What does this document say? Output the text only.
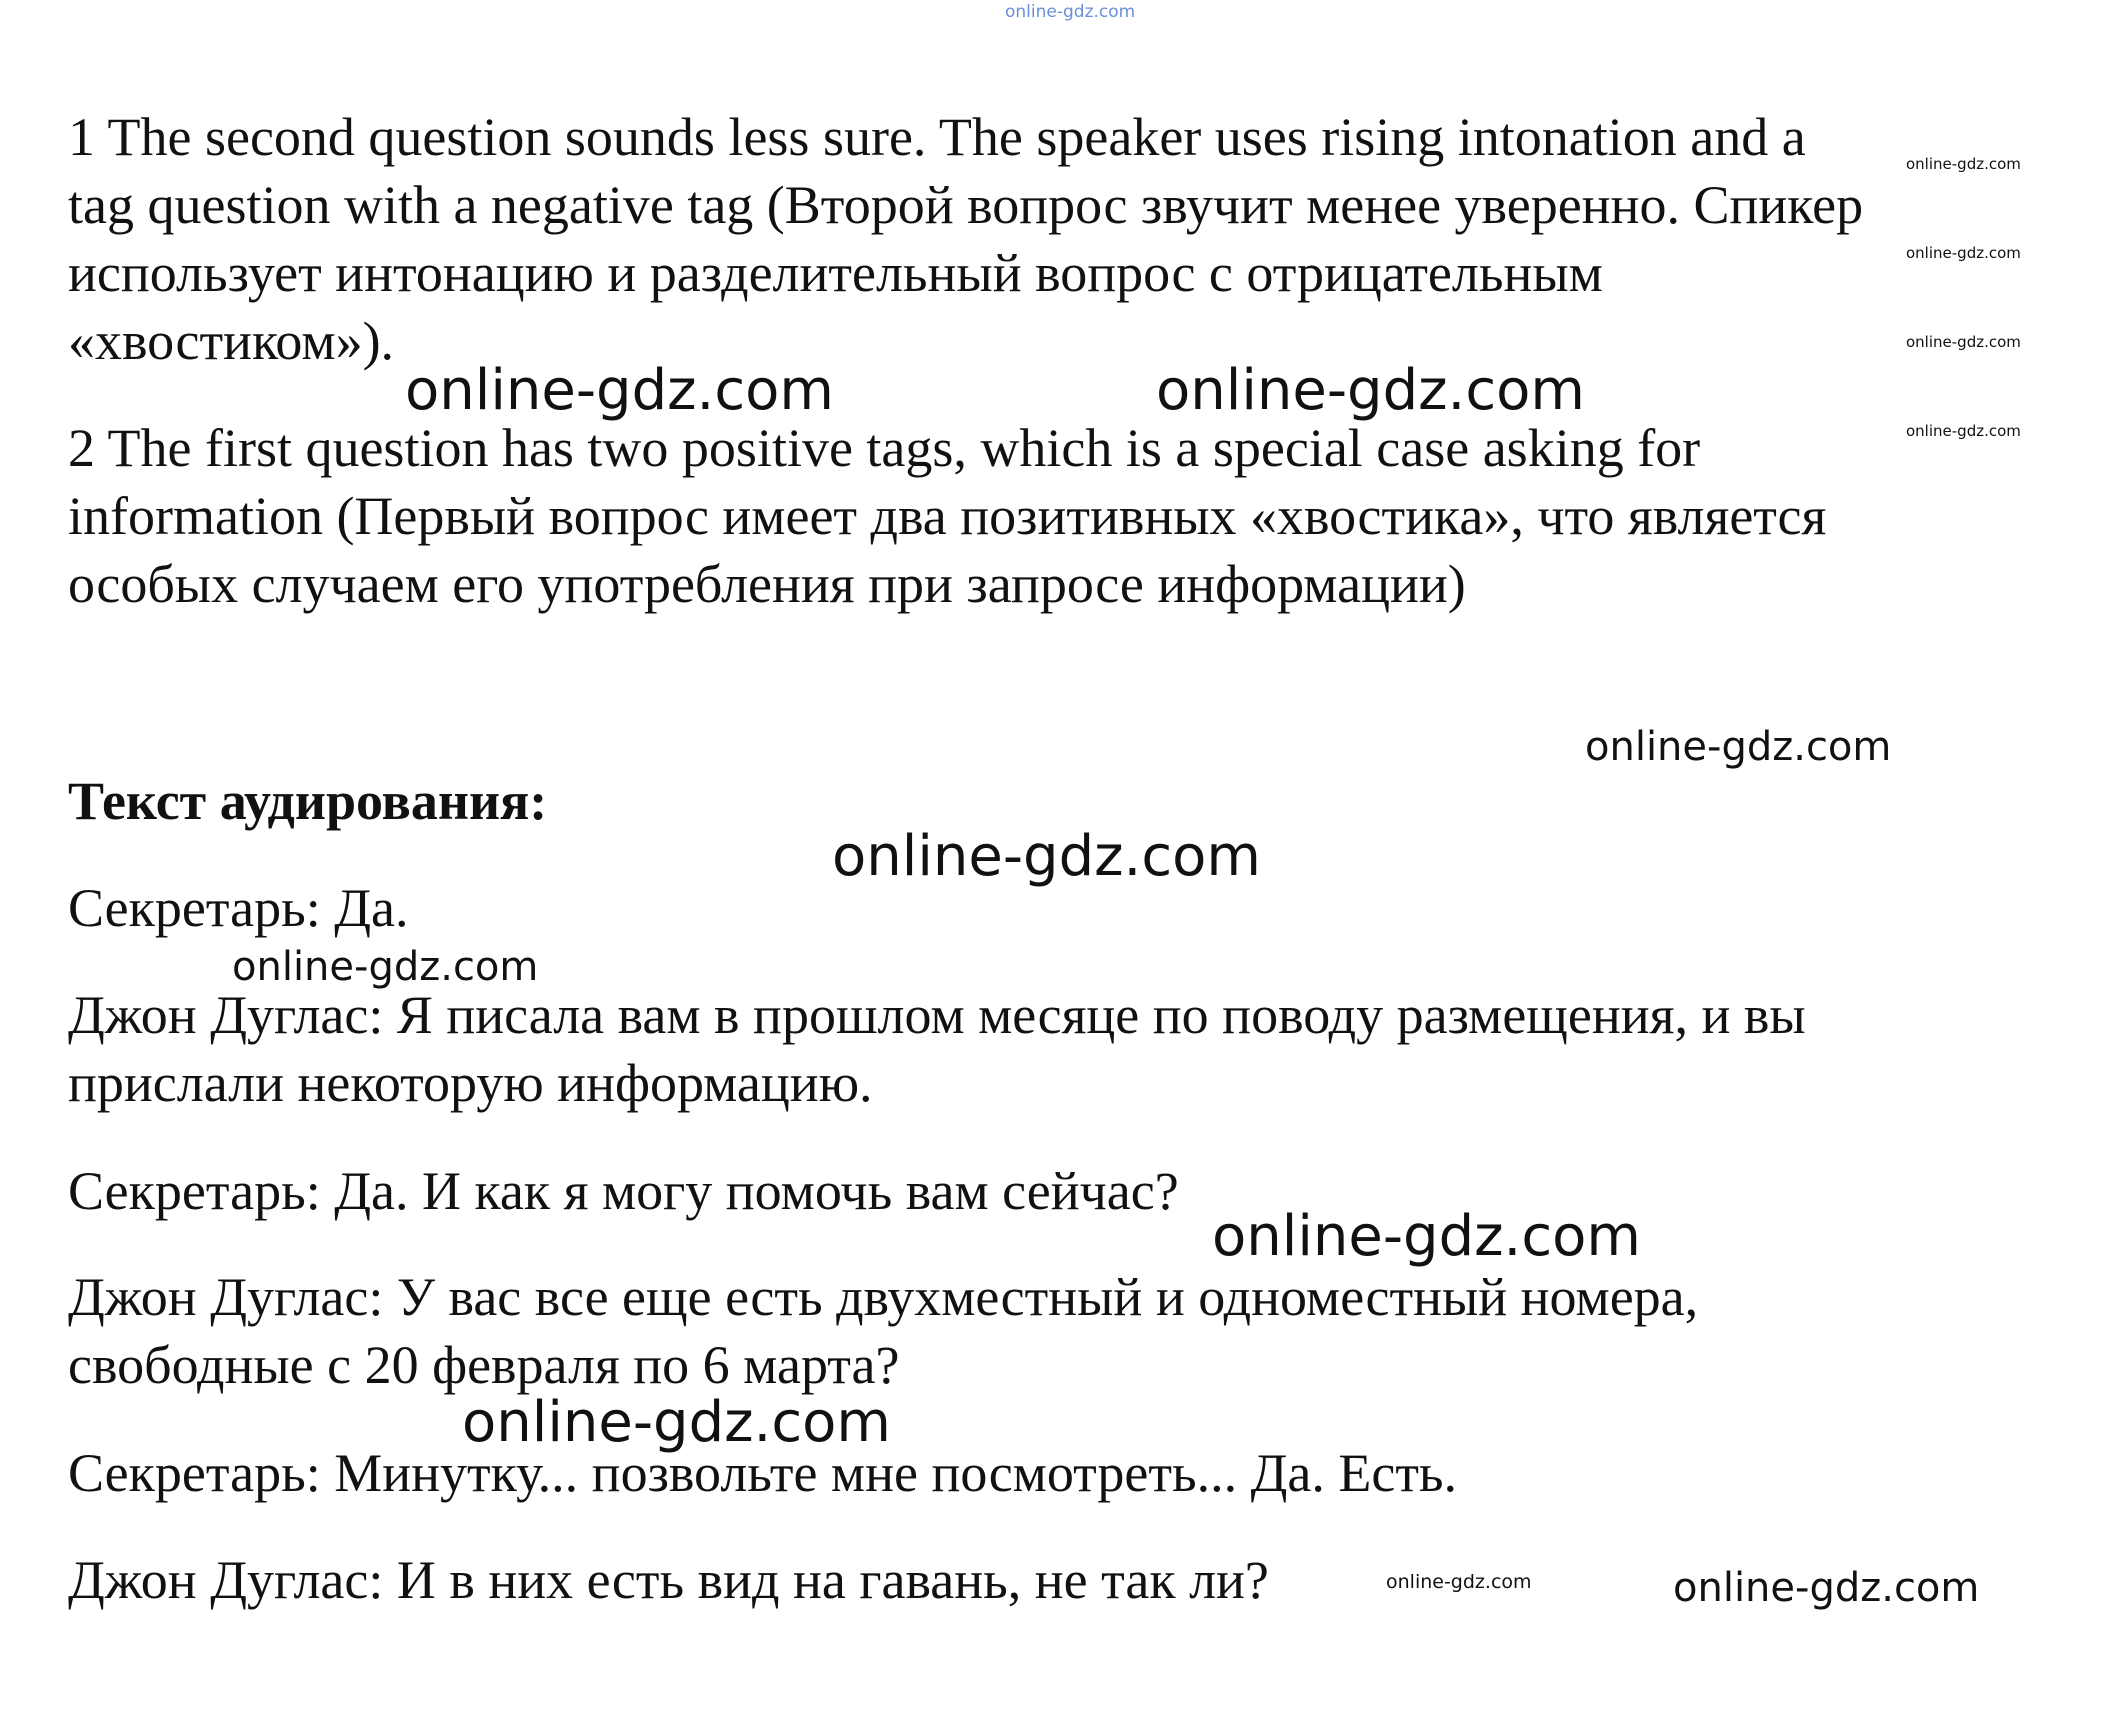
online-gdz.com
1 The second question sounds less sure. The speaker uses rising intonation and a
tag question with a negative tag (Второй вопрос звучит менее уверенно. Спикер
использует интонацию и разделительный вопрос с отрицательным
«хвостиком»).
2 The first question has two positive tags, which is a special case asking for
information (Первый вопрос имеет два позитивных «хвостика», что является
особых случаем его употребления при запросе информации)
Текст аудирования:
Секретарь: Да.
Джон Дуглас: Я писала вам в прошлом месяце по поводу размещения, и вы
прислали некоторую информацию.
Секретарь: Да. И как я могу помочь вам сейчас?
Джон Дуглас: У вас все еще есть двухместный и одноместный номера,
свободные с 20 февраля по 6 марта?
Секретарь: Минутку... позвольте мне посмотреть... Да. Есть.
Джон Дуглас: И в них есть вид на гавань, не так ли?
online-gdz.com
online-gdz.com
online-gdz.com
online-gdz.com
online-gdz.com	online-gdz.com
online-gdz.com
online-gdz.com
online-gdz.com
online-gdz.com
online-gdz.com
online-gdz.com	online-gdz.com
